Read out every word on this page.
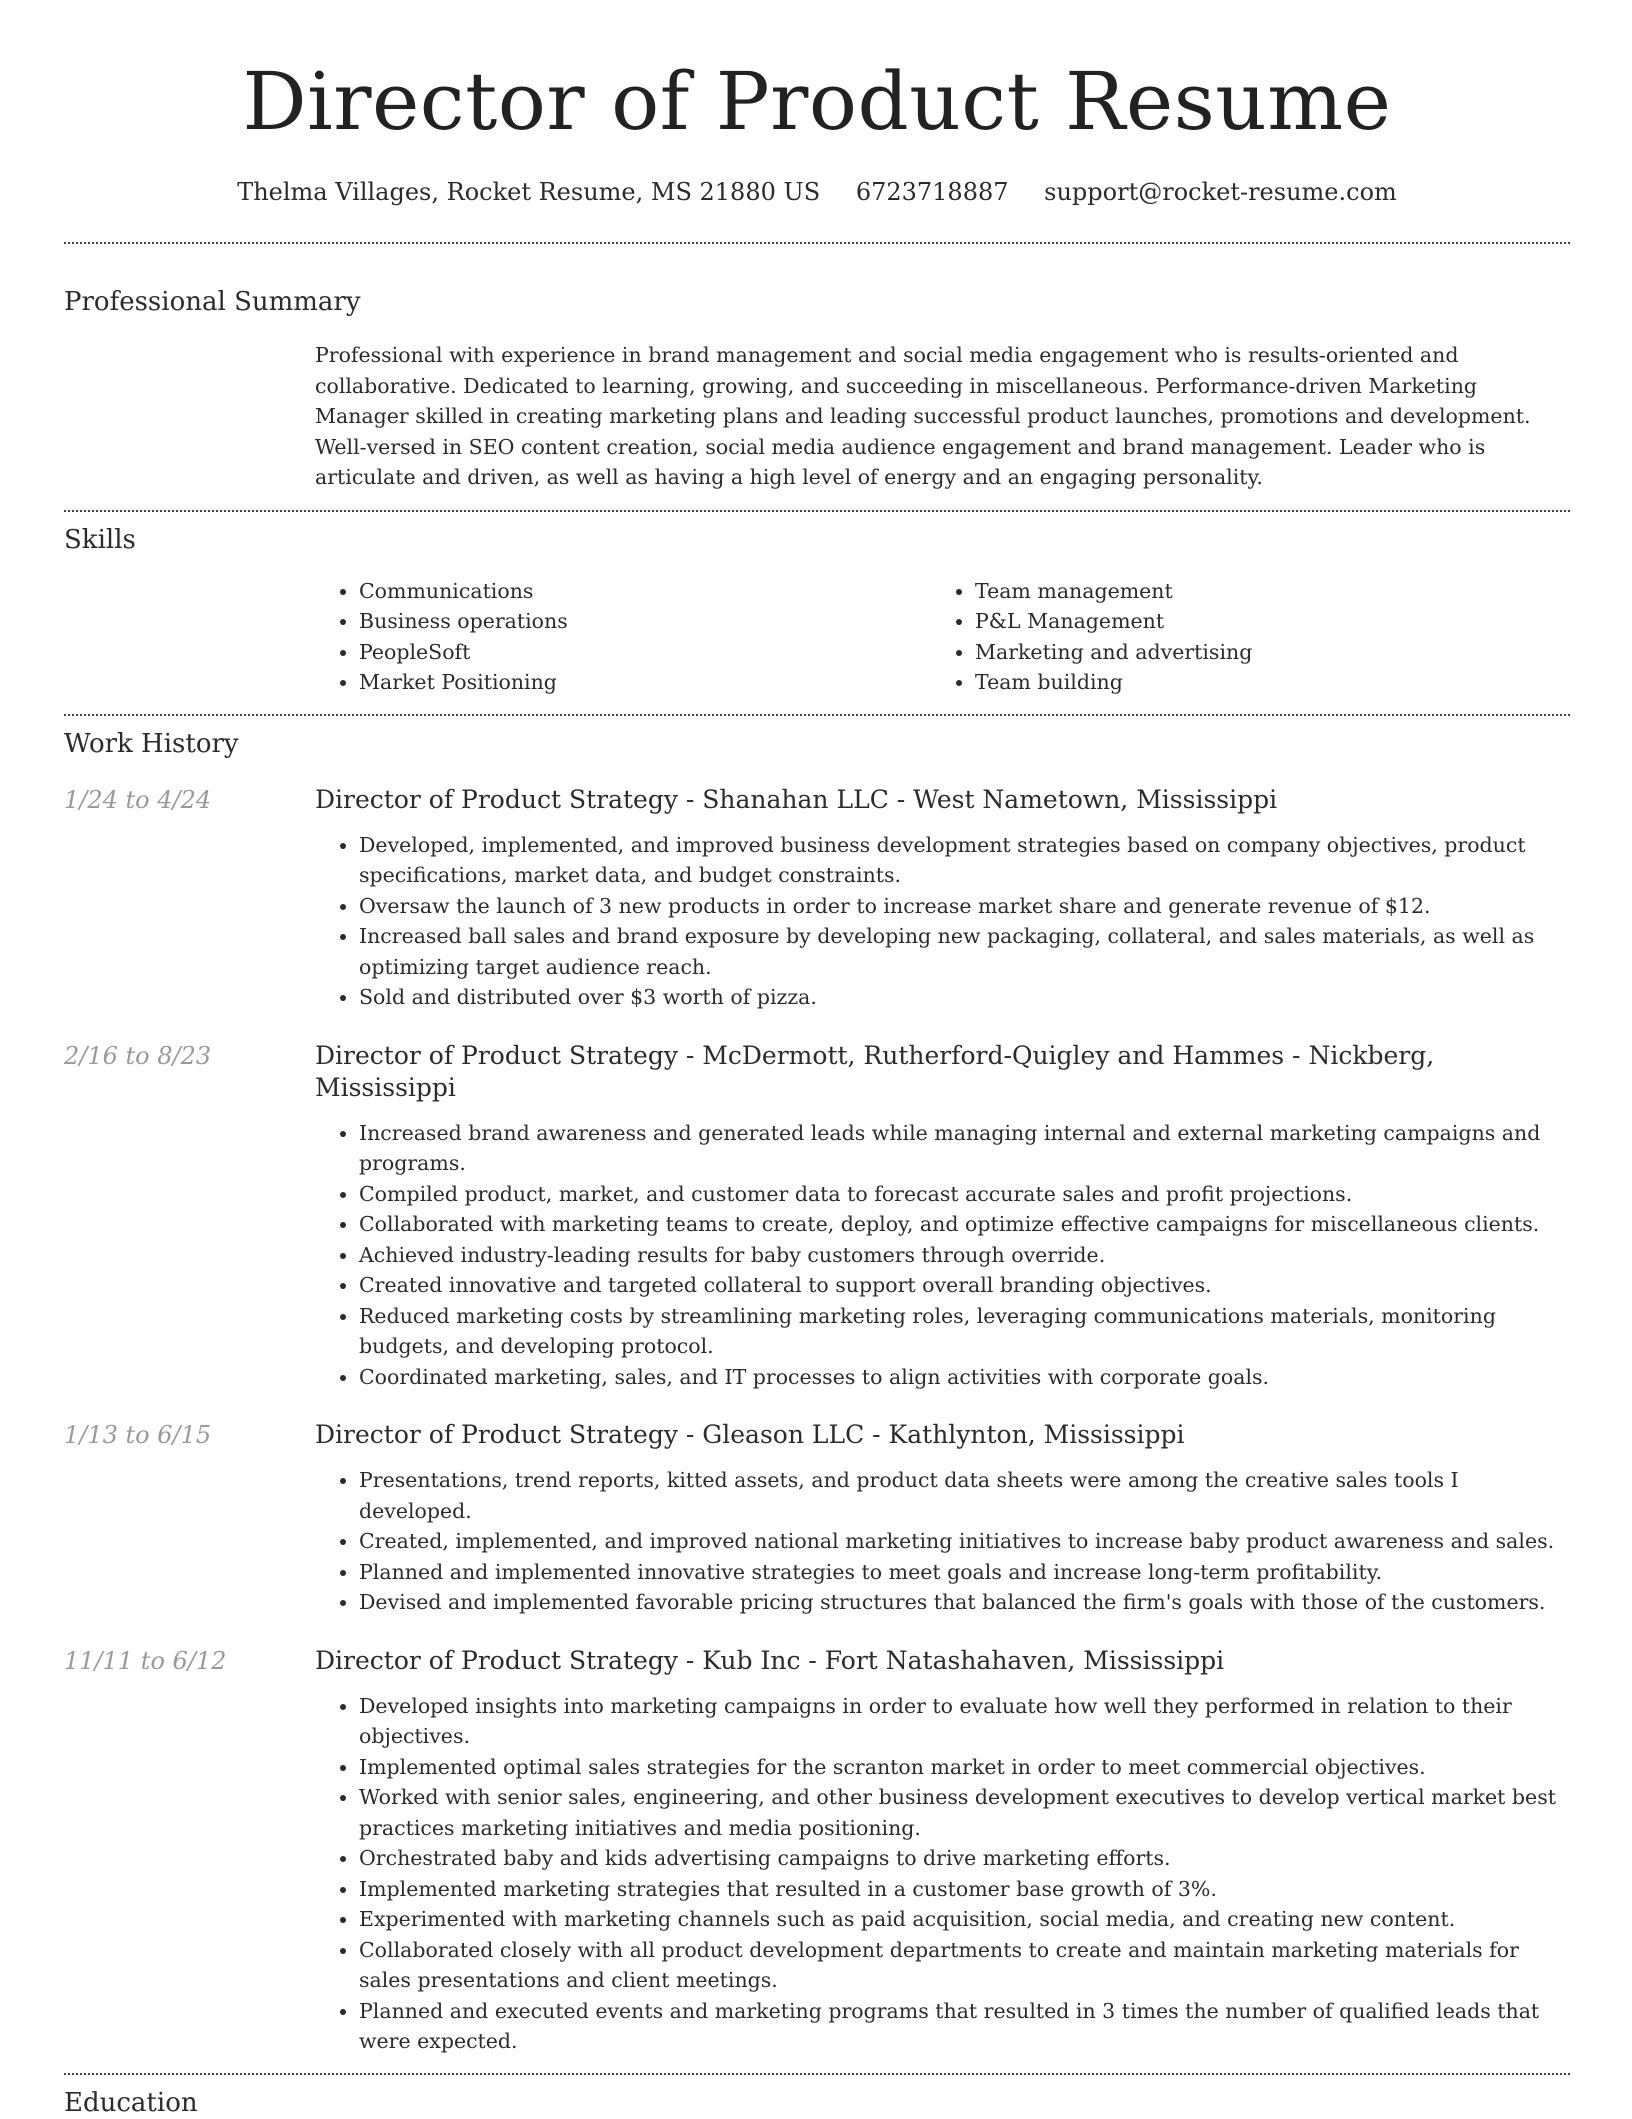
Director of Product Resume
Thelma Villages, Rocket Resume, MS 21880 US 6723718887 support@rocket-resume.com
Professional Summary

Professional with experience in brand management and social media engagement who is results-oriented and collaborative. Dedicated to learning, growing, and succeeding in miscellaneous. Performance-driven Marketing Manager skilled in creating marketing plans and leading successful product launches, promotions and development. Well-versed in SEO content creation, social media audience engagement and brand management. Leader who is articulate and driven, as well as having a high level of energy and an engaging personality.

Skills
• Communications
• Business operations
• PeopleSoft
• Market Positioning
• Team management
• P&L Management
• Marketing and advertising
• Team building
Work History
1/24 to 4/24	Director of Product Strategy - Shanahan LLC - West Nametown, Mississippi
• Developed, implemented, and improved business development strategies based on company objectives, product specifications, market data, and budget constraints.
• Oversaw the launch of 3 new products in order to increase market share and generate revenue of $12.
• Increased ball sales and brand exposure by developing new packaging, collateral, and sales materials, as well as optimizing target audience reach.
• Sold and distributed over $3 worth of pizza.
2/16 to 8/23	Director of Product Strategy - McDermott, Rutherford-Quigley and Hammes - Nickberg, Mississippi
• Increased brand awareness and generated leads while managing internal and external marketing campaigns and programs.
• Compiled product, market, and customer data to forecast accurate sales and profit projections.
• Collaborated with marketing teams to create, deploy, and optimize effective campaigns for miscellaneous clients.
• Achieved industry-leading results for baby customers through override.
• Created innovative and targeted collateral to support overall branding objectives.
• Reduced marketing costs by streamlining marketing roles, leveraging communications materials, monitoring budgets, and developing protocol.
• Coordinated marketing, sales, and IT processes to align activities with corporate goals.
1/13 to 6/15	Director of Product Strategy - Gleason LLC - Kathlynton, Mississippi
• Presentations, trend reports, kitted assets, and product data sheets were among the creative sales tools I developed.
• Created, implemented, and improved national marketing initiatives to increase baby product awareness and sales.
• Planned and implemented innovative strategies to meet goals and increase long-term profitability.
• Devised and implemented favorable pricing structures that balanced the firm's goals with those of the customers.
11/11 to 6/12	Director of Product Strategy - Kub Inc - Fort Natashahaven, Mississippi
• Developed insights into marketing campaigns in order to evaluate how well they performed in relation to their objectives.
• Implemented optimal sales strategies for the scranton market in order to meet commercial objectives.
• Worked with senior sales, engineering, and other business development executives to develop vertical market best practices marketing initiatives and media positioning.
• Orchestrated baby and kids advertising campaigns to drive marketing efforts.
• Implemented marketing strategies that resulted in a customer base growth of 3%.
• Experimented with marketing channels such as paid acquisition, social media, and creating new content.
• Collaborated closely with all product development departments to create and maintain marketing materials for sales presentations and client meetings.
• Planned and executed events and marketing programs that resulted in 3 times the number of qualified leads that were expected.
Education
